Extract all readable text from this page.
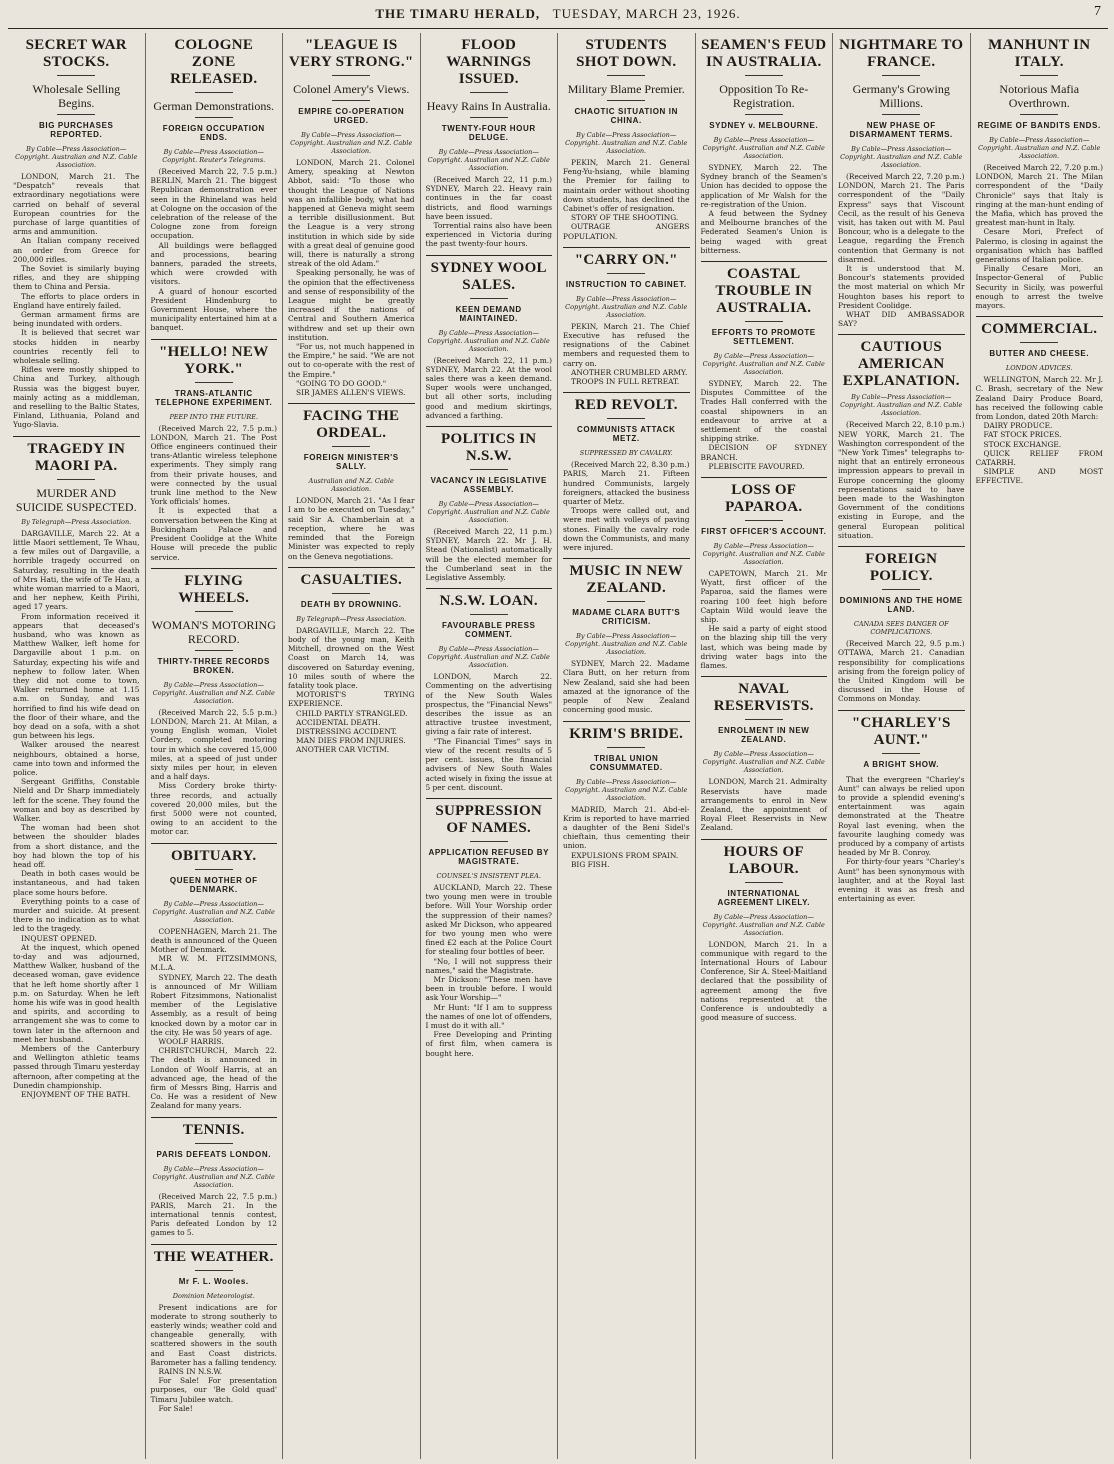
THE TIMARU HERALD, TUESDAY, MARCH 23, 1926.	7
SECRET WAR STOCKS.
Wholesale Selling Begins.
BIG PURCHASES REPORTED.
By Cable—Press Association—Copyright. Australian and N.Z. Cable Association.

LONDON, March 21. The "Despatch" reveals that extraordinary negotiations were carried on behalf of several European countries for the purchase of large quantities of arms and ammunition.

An Italian company received an order from Greece for 200,000 rifles.

The Soviet is similarly buying rifles, and they are shipping them to China and Persia.

The efforts to place orders in England have entirely failed.

German armament firms are being inundated with orders.

It is believed that secret war stocks hidden in nearby countries recently fell to wholesale selling.

Rifles were mostly shipped to China and Turkey, although Russia was the biggest buyer, mainly acting as a middleman, and reselling to the Baltic States, Finland, Lithuania, Poland and Yugo-Slavia.

TRAGEDY IN MAORI PA.
MURDER AND SUICIDE SUSPECTED.
By Telegraph—Press Association.

DARGAVILLE, March 22. At a little Maori settlement, Te Whau, a few miles out of Dargaville, a horrible tragedy occurred on Saturday, resulting in the death of Mrs Hati, the wife of Te Hau, a white woman married to a Maori, and her nephew, Keith Pirihi, aged 17 years.

From information received it appears that deceased's husband, who was known as Matthew Walker, left home for Dargaville about 1 p.m. on Saturday, expecting his wife and nephew to follow later. When they did not come to town, Walker returned home at 1.15 a.m. on Sunday, and was horrified to find his wife dead on the floor of their whare, and the boy dead on a sofa, with a shot gun between his legs.

Walker aroused the nearest neighbours, obtained a horse, came into town and informed the police.

Sergeant Griffiths, Constable Nield and Dr Sharp immediately left for the scene. They found the woman and boy as described by Walker.

The woman had been shot between the shoulder blades from a short distance, and the boy had blown the top of his head off.

Death in both cases would be instantaneous, and had taken place some hours before.

Everything points to a case of murder and suicide. At present there is no indication as to what led to the tragedy.

INQUEST OPENED.

At the inquest, which opened to-day and was adjourned, Matthew Walker, husband of the deceased woman, gave evidence that he left home shortly after 1 p.m. on Saturday. When he left home his wife was in good health and spirits, and according to arrangement she was to come to town later in the afternoon and meet her husband.

Members of the Canterbury and Wellington athletic teams passed through Timaru yesterday afternoon, after competing at the Dunedin championship.

ENJOYMENT OF THE BATH.

COLOGNE ZONE RELEASED.
German Demonstrations.
FOREIGN OCCUPATION ENDS.
By Cable—Press Association—Copyright. Reuter's Telegrams.

(Received March 22, 7.5 p.m.) BERLIN, March 21. The biggest Republican demonstration ever seen in the Rhineland was held at Cologne on the occasion of the celebration of the release of the Cologne zone from foreign occupation.

All buildings were beflagged and processions, bearing banners, paraded the streets, which were crowded with visitors.

A guard of honour escorted President Hindenburg to Government House, where the municipality entertained him at a banquet.

"HELLO! NEW YORK."
TRANS-ATLANTIC TELEPHONE EXPERIMENT.
PEEP INTO THE FUTURE.

(Received March 22, 7.5 p.m.) LONDON, March 21. The Post Office engineers continued their trans-Atlantic wireless telephone experiments. They simply rang from their private houses, and were connected by the usual trunk line method to the New York officials' homes.

It is expected that a conversation between the King at Buckingham Palace and President Coolidge at the White House will precede the public service.

FLYING WHEELS.
WOMAN'S MOTORING RECORD.
THIRTY-THREE RECORDS BROKEN.
By Cable—Press Association—Copyright. Australian and N.Z. Cable Association.

(Received March 22, 5.5 p.m.) LONDON, March 21. At Milan, a young English woman, Violet Cordery, completed motoring tour in which she covered 15,000 miles, at a speed of just under sixty miles per hour, in eleven and a half days.

Miss Cordery broke thirty-three records, and actually covered 20,000 miles, but the first 5000 were not counted, owing to an accident to the motor car.

OBITUARY.
QUEEN MOTHER OF DENMARK.
By Cable—Press Association—Copyright. Australian and N.Z. Cable Association.

COPENHAGEN, March 21. The death is announced of the Queen Mother of Denmark.

MR W. M. FITZSIMMONS, M.L.A.

SYDNEY, March 22. The death is announced of Mr William Robert Fitzsimmons, Nationalist member of the Legislative Assembly, as a result of being knocked down by a motor car in the city. He was 50 years of age.

WOOLF HARRIS.

CHRISTCHURCH, March 22. The death is announced in London of Woolf Harris, at an advanced age, the head of the firm of Messrs Bing, Harris and Co. He was a resident of New Zealand for many years.

TENNIS.
PARIS DEFEATS LONDON.
By Cable—Press Association—Copyright. Australian and N.Z. Cable Association.

(Received March 22, 7.5 p.m.) PARIS, March 21. In the international tennis contest, Paris defeated London by 12 games to 5.

THE WEATHER.
Mr F. L. Wooles.
Dominion Meteorologist.

Present indications are for moderate to strong southerly to easterly winds; weather cold and changeable generally, with scattered showers in the south and East Coast districts. Barometer has a falling tendency.

RAINS IN N.S.W.

For Sale! For presentation purposes, our 'Be Gold quad' Timaru Jubilee watch.

For Sale!

"LEAGUE IS VERY STRONG."
Colonel Amery's Views.
EMPIRE CO-OPERATION URGED.
By Cable—Press Association—Copyright. Australian and N.Z. Cable Association.

LONDON, March 21. Colonel Amery, speaking at Newton Abbot, said: "To those who thought the League of Nations was an infallible body, what had happened at Geneva might seem a terrible disillusionment. But the League is a very strong institution in which side by side with a great deal of genuine good will, there is naturally a strong streak of the old Adam."

Speaking personally, he was of the opinion that the effectiveness and sense of responsibility of the League might be greatly increased if the nations of Central and Southern America withdrew and set up their own institution.

"For us, not much happened in the Empire," he said. "We are not out to co-operate with the rest of the Empire."

"GOING TO DO GOOD."

SIR JAMES ALLEN'S VIEWS.

FACING THE ORDEAL.
FOREIGN MINISTER'S SALLY.
Australian and N.Z. Cable Association.

LONDON, March 21. "As I fear I am to be executed on Tuesday," said Sir A. Chamberlain at a reception, where he was reminded that the Foreign Minister was expected to reply on the Geneva negotiations.

CASUALTIES.
DEATH BY DROWNING.
By Telegraph—Press Association.

DARGAVILLE, March 22. The body of the young man, Keith Mitchell, drowned on the West Coast on March 14, was discovered on Saturday evening, 10 miles south of where the fatality took place.

MOTORIST'S TRYING EXPERIENCE.

CHILD PARTLY STRANGLED.

ACCIDENTAL DEATH.

DISTRESSING ACCIDENT.

MAN DIES FROM INJURIES.

ANOTHER CAR VICTIM.

FLOOD WARNINGS ISSUED.
Heavy Rains In Australia.
TWENTY-FOUR HOUR DELUGE.
By Cable—Press Association—Copyright. Australian and N.Z. Cable Association.

(Received March 22, 11 p.m.) SYDNEY, March 22. Heavy rain continues in the far coast districts, and flood warnings have been issued.

Torrential rains also have been experienced in Victoria during the past twenty-four hours.

SYDNEY WOOL SALES.
KEEN DEMAND MAINTAINED.
By Cable—Press Association—Copyright. Australian and N.Z. Cable Association.

(Received March 22, 11 p.m.) SYDNEY, March 22. At the wool sales there was a keen demand. Super wools were unchanged, but all other sorts, including good and medium skirtings, advanced a farthing.

POLITICS IN N.S.W.
VACANCY IN LEGISLATIVE ASSEMBLY.
By Cable—Press Association—Copyright. Australian and N.Z. Cable Association.

(Received March 22, 11 p.m.) SYDNEY, March 22. Mr J. H. Stead (Nationalist) automatically will be the elected member for the Cumberland seat in the Legislative Assembly.

N.S.W. LOAN.
FAVOURABLE PRESS COMMENT.
By Cable—Press Association—Copyright. Australian and N.Z. Cable Association.

LONDON, March 22. Commenting on the advertising of the New South Wales prospectus, the "Financial News" describes the issue as an attractive trustee investment, giving a fair rate of interest.

"The Financial Times" says in view of the recent results of 5 per cent. issues, the financial advisers of New South Wales acted wisely in fixing the issue at 5 per cent. discount.

SUPPRESSION OF NAMES.
APPLICATION REFUSED BY MAGISTRATE.
COUNSEL'S INSISTENT PLEA.

AUCKLAND, March 22. These two young men were in trouble before. Will Your Worship order the suppression of their names? asked Mr Dickson, who appeared for two young men who were fined £2 each at the Police Court for stealing four bottles of beer.

"No, I will not suppress their names," said the Magistrate.

Mr Dickson: "These men have been in trouble before. I would ask Your Worship—"

Mr Hunt: "If I am to suppress the names of one lot of offenders, I must do it with all."

Free Developing and Printing of first film, when camera is bought here.

STUDENTS SHOT DOWN.
Military Blame Premier.
CHAOTIC SITUATION IN CHINA.
By Cable—Press Association—Copyright. Australian and N.Z. Cable Association.

PEKIN, March 21. General Feng-Yu-hsiang, while blaming the Premier for failing to maintain order without shooting down students, has declined the Cabinet's offer of resignation.

STORY OF THE SHOOTING.

OUTRAGE ANGERS POPULATION.

"CARRY ON."
INSTRUCTION TO CABINET.
By Cable—Press Association—Copyright. Australian and N.Z. Cable Association.

PEKIN, March 21. The Chief Executive has refused the resignations of the Cabinet members and requested them to carry on.

ANOTHER CRUMBLED ARMY.

TROOPS IN FULL RETREAT.

RED REVOLT.
COMMUNISTS ATTACK METZ.
SUPPRESSED BY CAVALRY.

(Received March 22, 8.30 p.m.) PARIS, March 21. Fifteen hundred Communists, largely foreigners, attacked the business quarter of Metz.

Troops were called out, and were met with volleys of paving stones. Finally the cavalry rode down the Communists, and many were injured.

MUSIC IN NEW ZEALAND.
MADAME CLARA BUTT'S CRITICISM.
By Cable—Press Association—Copyright. Australian and N.Z. Cable Association.

SYDNEY, March 22. Madame Clara Butt, on her return from New Zealand, said she had been amazed at the ignorance of the people of New Zealand concerning good music.

KRIM'S BRIDE.
TRIBAL UNION CONSUMMATED.
By Cable—Press Association—Copyright. Australian and N.Z. Cable Association.

MADRID, March 21. Abd-el-Krim is reported to have married a daughter of the Beni Sidel's chieftain, thus cementing their union.

EXPULSIONS FROM SPAIN.

BIG FISH.

SEAMEN'S FEUD IN AUSTRALIA.
Opposition To Re-Registration.
SYDNEY v. MELBOURNE.
By Cable—Press Association—Copyright. Australian and N.Z. Cable Association.

SYDNEY, March 22. The Sydney branch of the Seamen's Union has decided to oppose the application of Mr Walsh for the re-registration of the Union.

A feud between the Sydney and Melbourne branches of the Federated Seamen's Union is being waged with great bitterness.

COASTAL TROUBLE IN AUSTRALIA.
EFFORTS TO PROMOTE SETTLEMENT.
By Cable—Press Association—Copyright. Australian and N.Z. Cable Association.

SYDNEY, March 22. The Disputes Committee of the Trades Hall conferred with the coastal shipowners in an endeavour to arrive at a settlement of the coastal shipping strike.

DECISION OF SYDNEY BRANCH.

PLEBISCITE FAVOURED.

LOSS OF PAPAROA.
FIRST OFFICER'S ACCOUNT.
By Cable—Press Association—Copyright. Australian and N.Z. Cable Association.

CAPETOWN, March 21. Mr Wyatt, first officer of the Paparoa, said the flames were roaring 100 feet high before Captain Wild would leave the ship.

He said a party of eight stood on the blazing ship till the very last, which was being made by driving water bags into the flames.

NAVAL RESERVISTS.
ENROLMENT IN NEW ZEALAND.
By Cable—Press Association—Copyright. Australian and N.Z. Cable Association.

LONDON, March 21. Admiralty Reservists have made arrangements to enrol in New Zealand, the appointment of Royal Fleet Reservists in New Zealand.

HOURS OF LABOUR.
INTERNATIONAL AGREEMENT LIKELY.
By Cable—Press Association—Copyright. Australian and N.Z. Cable Association.

LONDON, March 21. In a communique with regard to the International Hours of Labour Conference, Sir A. Steel-Maitland declared that the possibility of agreement among the five nations represented at the Conference is undoubtedly a good measure of success.

NIGHTMARE TO FRANCE.
Germany's Growing Millions.
NEW PHASE OF DISARMAMENT TERMS.
By Cable—Press Association—Copyright. Australian and N.Z. Cable Association.

(Received March 22, 7.20 p.m.) LONDON, March 21. The Paris correspondent of the "Daily Express" says that Viscount Cecil, as the result of his Geneva visit, has taken out with M. Paul Boncour, who is a delegate to the League, regarding the French contention that Germany is not disarmed.

It is understood that M. Boncour's statements provided the most material on which Mr Houghton bases his report to President Coolidge.

WHAT DID AMBASSADOR SAY?

CAUTIOUS AMERICAN EXPLANATION.
By Cable—Press Association—Copyright. Australian and N.Z. Cable Association.

(Received March 22, 8.10 p.m.) NEW YORK, March 21. The Washington correspondent of the "New York Times" telegraphs to-night that an entirely erroneous impression appears to prevail in Europe concerning the gloomy representations said to have been made to the Washington Government of the conditions existing in Europe, and the general European political situation.

FOREIGN POLICY.
DOMINIONS AND THE HOME LAND.
CANADA SEES DANGER OF COMPLICATIONS.

(Received March 22, 9.5 p.m.) OTTAWA, March 21. Canadian responsibility for complications arising from the foreign policy of the United Kingdom will be discussed in the House of Commons on Monday.

"CHARLEY'S AUNT."
A BRIGHT SHOW.

That the evergreen "Charley's Aunt" can always be relied upon to provide a splendid evening's entertainment was again demonstrated at the Theatre Royal last evening, when the favourite laughing comedy was produced by a company of artists headed by Mr B. Conroy.

For thirty-four years "Charley's Aunt" has been synonymous with laughter, and at the Royal last evening it was as fresh and entertaining as ever.

MANHUNT IN ITALY.
Notorious Mafia Overthrown.
REGIME OF BANDITS ENDS.
By Cable—Press Association—Copyright. Australian and N.Z. Cable Association.

(Received March 22, 7.20 p.m.) LONDON, March 21. The Milan correspondent of the "Daily Chronicle" says that Italy is ringing at the man-hunt ending of the Mafia, which has proved the greatest man-hunt in Italy.

Cesare Mori, Prefect of Palermo, is closing in against the organisation which has baffled generations of Italian police.

Finally Cesare Mori, an Inspector-General of Public Security in Sicily, was powerful enough to arrest the twelve mayors.

COMMERCIAL.
BUTTER AND CHEESE.
LONDON ADVICES.

WELLINGTON, March 22. Mr J. C. Brash, secretary of the New Zealand Dairy Produce Board, has received the following cable from London, dated 20th March:

DAIRY PRODUCE.

FAT STOCK PRICES.

STOCK EXCHANGE.

QUICK RELIEF FROM CATARRH.

SIMPLE AND MOST EFFECTIVE.
